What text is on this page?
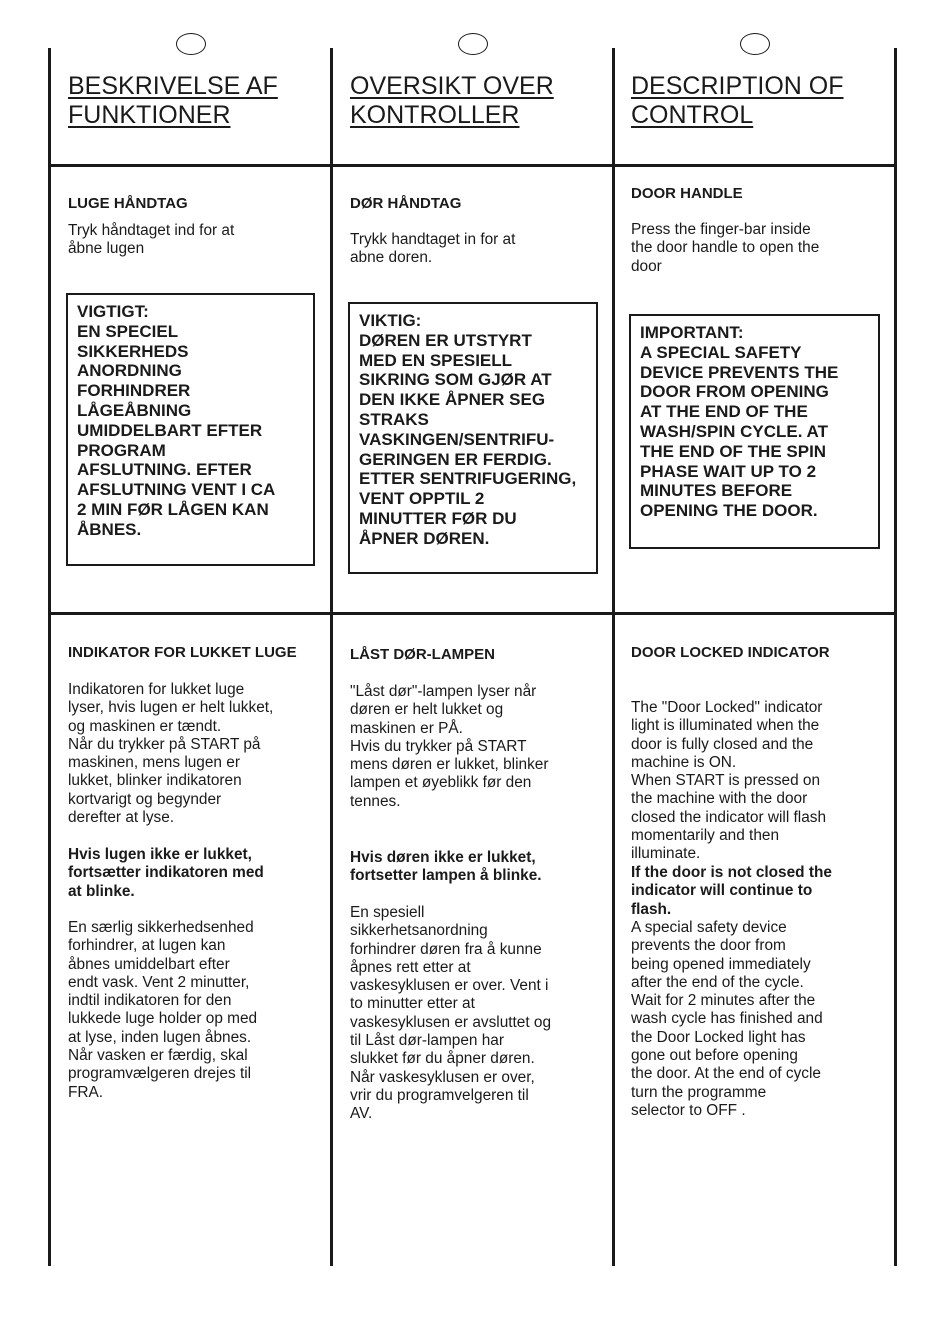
BESKRIVELSE AF
FUNKTIONER

LUGE HÅNDTAG

Tryk håndtaget ind for at
åbne lugen

VIGTIGT:
EN SPECIEL
SIKKERHEDS
ANORDNING
FORHINDRER
LÅGEÅBNING
UMIDDELBART EFTER
PROGRAM
AFSLUTNING. EFTER
AFSLUTNING VENT I CA
2 MIN FØR LÅGEN KAN
ÅBNES.

INDIKATOR FOR LUKKET LUGE

Indikatoren for lukket luge
lyser, hvis lugen er helt lukket,
og maskinen er tændt.
Når du trykker på START på
maskinen, mens lugen er
lukket, blinker indikatoren
kortvarigt og begynder
derefter at lyse.

Hvis lugen ikke er lukket,
fortsætter indikatoren med
at blinke.

En særlig sikkerhedsenhed
forhindrer, at lugen kan
åbnes umiddelbart efter
endt vask. Vent 2 minutter,
indtil indikatoren for den
lukkede luge holder op med
at lyse, inden lugen åbnes.
Når vasken er færdig, skal
programvælgeren drejes til
FRA.

OVERSIKT OVER
KONTROLLER

DØR HÅNDTAG

Trykk handtaget in for at
abne doren.

VIKTIG:
DØREN ER UTSTYRT
MED EN SPESIELL
SIKRING SOM GJØR AT
DEN IKKE ÅPNER SEG
STRAKS
VASKINGEN/SENTRIFU-
GERINGEN ER FERDIG.
ETTER SENTRIFUGERING,
VENT OPPTIL 2
MINUTTER FØR DU
ÅPNER DØREN.

LÅST DØR-LAMPEN

"Låst dør"-lampen lyser når
døren er helt lukket og
maskinen er PÅ.
Hvis du trykker på START
mens døren er lukket, blinker
lampen et øyeblikk før den
tennes.

Hvis døren ikke er lukket,
fortsetter lampen å blinke.

En spesiell
sikkerhetsanordning
forhindrer døren fra å kunne
åpnes rett etter at
vaskesyklusen er over. Vent i
to minutter etter at
vaskesyklusen er avsluttet og
til Låst dør-lampen har
slukket før du åpner døren.
Når vaskesyklusen er over,
vrir du programvelgeren til
AV.

DESCRIPTION OF
CONTROL

DOOR HANDLE

Press the finger-bar inside
the door handle to open the
door

IMPORTANT:
A SPECIAL SAFETY
DEVICE PREVENTS THE
DOOR FROM OPENING
AT THE END OF THE
WASH/SPIN CYCLE. AT
THE END OF THE SPIN
PHASE WAIT UP TO 2
MINUTES BEFORE
OPENING THE DOOR.

DOOR LOCKED INDICATOR

The "Door Locked" indicator
light is illuminated when the
door is fully closed and the
machine is ON.
When START is pressed on
the machine with the door
closed the indicator will flash
momentarily and then
illuminate.

If the door is not closed the
indicator will continue to
flash.

A special safety device
prevents the door from
being opened immediately
after the end of the cycle.
Wait for 2 minutes after the
wash cycle has finished and
the Door Locked light has
gone out before opening
the door. At the end of cycle
turn the programme
selector to OFF .
